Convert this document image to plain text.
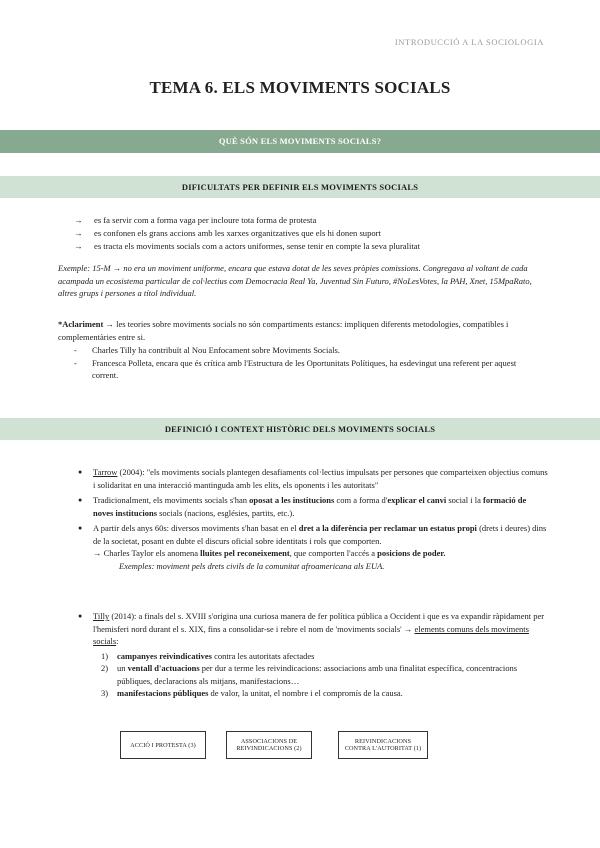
INTRODUCCIÓ A LA SOCIOLOGIA
TEMA 6. ELS MOVIMENTS SOCIALS
QUÈ SÓN ELS MOVIMENTS SOCIALS?
DIFICULTATS PER DEFINIR ELS MOVIMENTS SOCIALS
→ es fa servir com a forma vaga per incloure tota forma de protesta
→ es confonen els grans accions amb les xarxes organitzatives que els hi donen suport
→ es tracta els moviments socials com a actors uniformes, sense tenir en compte la seva pluralitat
Exemple: 15-M → no era un moviment uniforme, encara que estava dotat de les seves pròpies comissions. Congregava al voltant de cada acampada un ecosistema particular de col·lectius com Democracia Real Ya, Juventud Sin Futuro, #NoLesVotes, la PAH, Xnet, 15MpaRato, altres grups i persones a títol individual.
*Aclariment → les teories sobre moviments socials no són compartiments estancs: impliquen diferents metodologies, compatibles i complementàries entre si.
- Charles Tilly ha contribuït al Nou Enfocament sobre Moviments Socials.
- Francesca Polleta, encara que és crítica amb l'Estructura de les Oportunitats Polítiques, ha esdevingut una referent per aquest corrent.
DEFINICIÓ I CONTEXT HISTÒRIC DELS MOVIMENTS SOCIALS
● Tarrow (2004): "els moviments socials plantegen desafiaments col·lectius impulsats per persones que comparteixen objectius comuns i solidaritat en una interacció mantinguda amb les elits, els oponents i les autoritats"
● Tradicionalment, els moviments socials s'han oposat a les institucions com a forma d'explicar el canvi social i la formació de noves institucions socials (nacions, esglésies, partits, etc.).
● A partir dels anys 60s: diversos moviments s'han basat en el dret a la diferència per reclamar un estatus propi (drets i deures) dins de la societat, posant en dubte el discurs oficial sobre identitats i rols que comporten.
→ Charles Taylor els anomena lluites pel reconeixement, que comporten l'accés a posicions de poder.
Exemples: moviment pels drets civils de la comunitat afroamericana als EUA.
● Tilly (2014): a finals del s. XVIII s'origina una curiosa manera de fer política pública a Occident i que es va expandir ràpidament per l'hemisferi nord durant el s. XIX, fins a consolidar-se i rebre el nom de 'moviments socials' → elements comuns dels moviments socials:
1) campanyes reivindicatives contra les autoritats afectades
2) un ventall d'actuacions per dur a terme les reivindicacions: associacions amb una finalitat específica, concentracions públiques, declaracions als mitjans, manifestacions…
3) manifestacions públiques de valor, la unitat, el nombre i el compromís de la causa.
ACCIÓ I PROTESTA (3)	ASSOCIACIONS DE
REIVINDICACIONS (2)
REIVINDICACIONS
CONTRA L'AUTORITAT (1)
